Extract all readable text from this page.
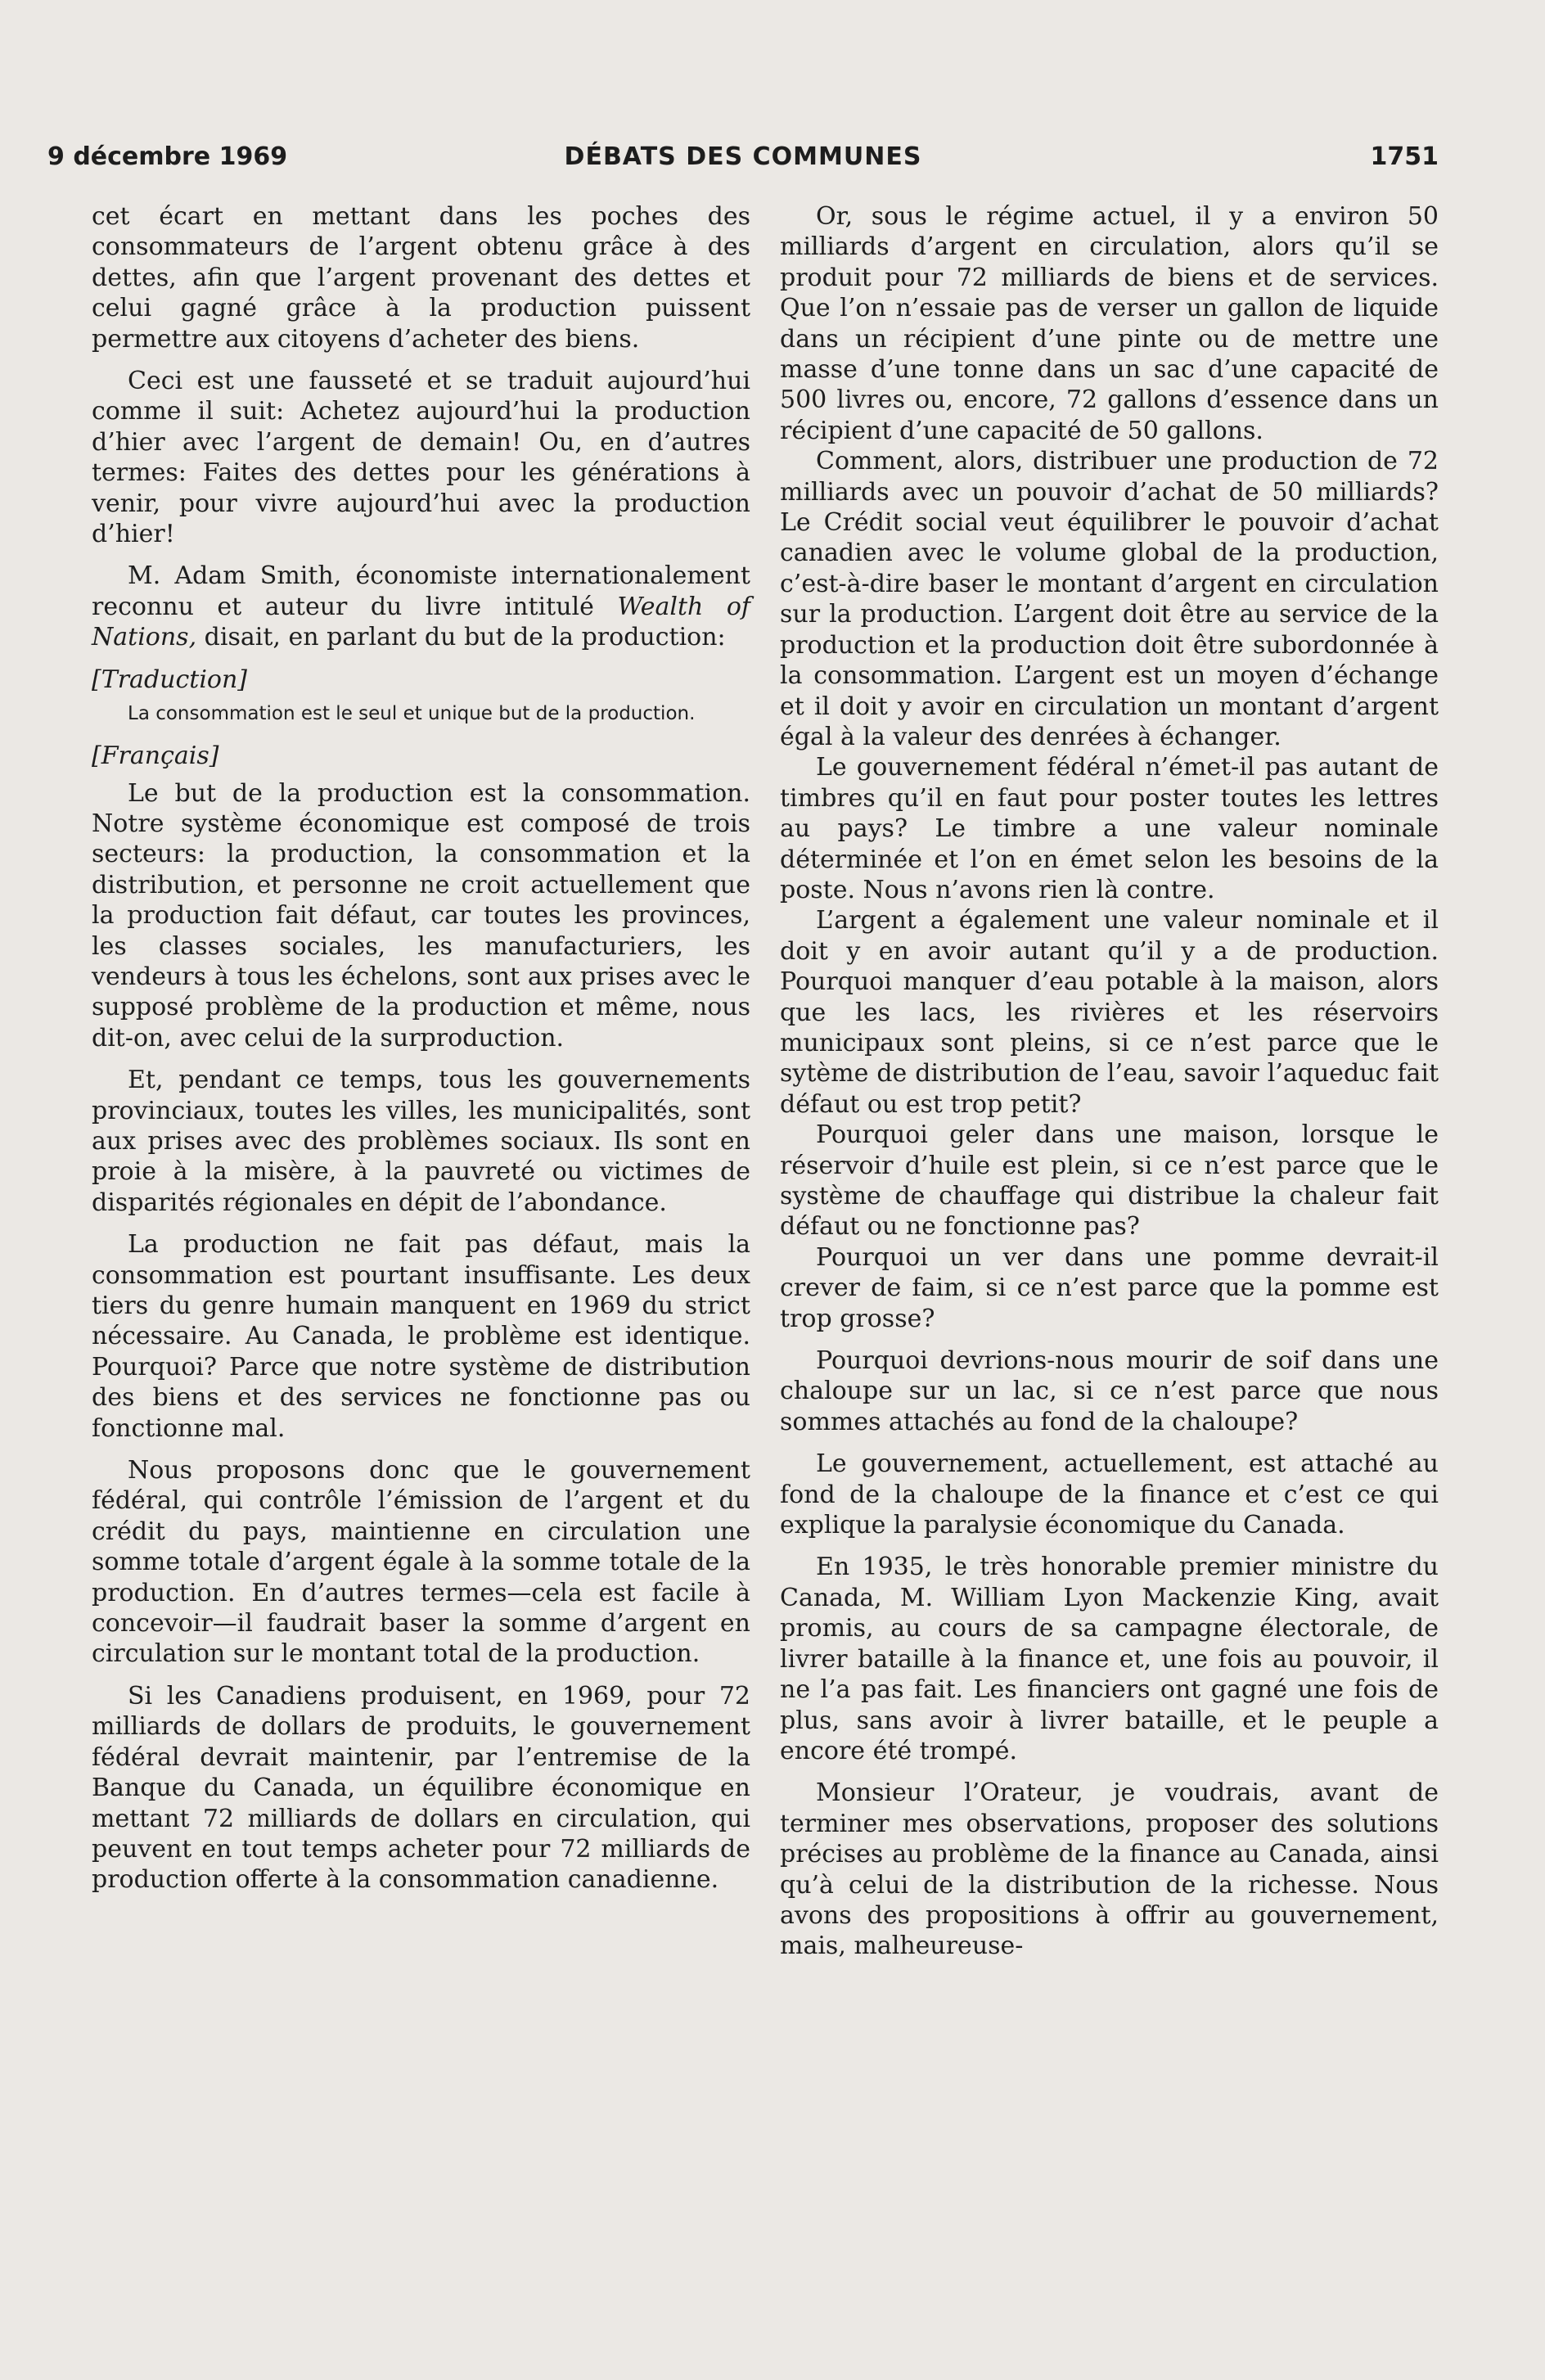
9 décembre 1969	DÉBATS DES COMMUNES	1751

cet écart en mettant dans les poches des consommateurs de l’argent obtenu grâce à des dettes, afin que l’argent provenant des dettes et celui gagné grâce à la production puissent permettre aux citoyens d’acheter des biens.

Ceci est une fausseté et se traduit aujourd’hui comme il suit: Achetez aujourd’hui la production d’hier avec l’argent de demain! Ou, en d’autres termes: Faites des dettes pour les générations à venir, pour vivre aujourd’hui avec la production d’hier!

M. Adam Smith, économiste internationalement reconnu et auteur du livre intitulé Wealth of Nations, disait, en parlant du but de la production:

[Traduction]

La consommation est le seul et unique but de la production.

[Français]

Le but de la production est la consommation. Notre système économique est composé de trois secteurs: la production, la consommation et la distribution, et personne ne croit actuellement que la production fait défaut, car toutes les provinces, les classes sociales, les manufacturiers, les vendeurs à tous les échelons, sont aux prises avec le supposé problème de la production et même, nous dit-on, avec celui de la surproduction.

Et, pendant ce temps, tous les gouvernements provinciaux, toutes les villes, les municipalités, sont aux prises avec des problèmes sociaux. Ils sont en proie à la misère, à la pauvreté ou victimes de disparités régionales en dépit de l’abondance.

La production ne fait pas défaut, mais la consommation est pourtant insuffisante. Les deux tiers du genre humain manquent en 1969 du strict nécessaire. Au Canada, le problème est identique. Pourquoi? Parce que notre système de distribution des biens et des services ne fonctionne pas ou fonctionne mal.

Nous proposons donc que le gouvernement fédéral, qui contrôle l’émission de l’argent et du crédit du pays, maintienne en circulation une somme totale d’argent égale à la somme totale de la production. En d’autres termes—cela est facile à concevoir—il faudrait baser la somme d’argent en circulation sur le montant total de la production.

Si les Canadiens produisent, en 1969, pour 72 milliards de dollars de produits, le gouvernement fédéral devrait maintenir, par l’entremise de la Banque du Canada, un équilibre économique en mettant 72 milliards de dollars en circulation, qui peuvent en tout temps acheter pour 72 milliards de production offerte à la consommation canadienne.

Or, sous le régime actuel, il y a environ 50 milliards d’argent en circulation, alors qu’il se produit pour 72 milliards de biens et de services. Que l’on n’essaie pas de verser un gallon de liquide dans un récipient d’une pinte ou de mettre une masse d’une tonne dans un sac d’une capacité de 500 livres ou, encore, 72 gallons d’essence dans un récipient d’une capacité de 50 gallons.

Comment, alors, distribuer une production de 72 milliards avec un pouvoir d’achat de 50 milliards? Le Crédit social veut équilibrer le pouvoir d’achat canadien avec le volume global de la production, c’est-à-dire baser le montant d’argent en circulation sur la production. L’argent doit être au service de la production et la production doit être subordonnée à la consommation. L’argent est un moyen d’échange et il doit y avoir en circulation un montant d’argent égal à la valeur des denrées à échanger.

Le gouvernement fédéral n’émet-il pas autant de timbres qu’il en faut pour poster toutes les lettres au pays? Le timbre a une valeur nominale déterminée et l’on en émet selon les besoins de la poste. Nous n’avons rien là contre.

L’argent a également une valeur nominale et il doit y en avoir autant qu’il y a de production. Pourquoi manquer d’eau potable à la maison, alors que les lacs, les rivières et les réservoirs municipaux sont pleins, si ce n’est parce que le sytème de distribution de l’eau, savoir l’aqueduc fait défaut ou est trop petit?

Pourquoi geler dans une maison, lorsque le réservoir d’huile est plein, si ce n’est parce que le système de chauffage qui distribue la chaleur fait défaut ou ne fonctionne pas?

Pourquoi un ver dans une pomme devrait-il crever de faim, si ce n’est parce que la pomme est trop grosse?

Pourquoi devrions-nous mourir de soif dans une chaloupe sur un lac, si ce n’est parce que nous sommes attachés au fond de la chaloupe?

Le gouvernement, actuellement, est attaché au fond de la chaloupe de la finance et c’est ce qui explique la paralysie économique du Canada.

En 1935, le très honorable premier ministre du Canada, M. William Lyon Mackenzie King, avait promis, au cours de sa campagne électorale, de livrer bataille à la finance et, une fois au pouvoir, il ne l’a pas fait. Les financiers ont gagné une fois de plus, sans avoir à livrer bataille, et le peuple a encore été trompé.

Monsieur l’Orateur, je voudrais, avant de terminer mes observations, proposer des solutions précises au problème de la finance au Canada, ainsi qu’à celui de la distribution de la richesse. Nous avons des propositions à offrir au gouvernement, mais, malheureuse-
